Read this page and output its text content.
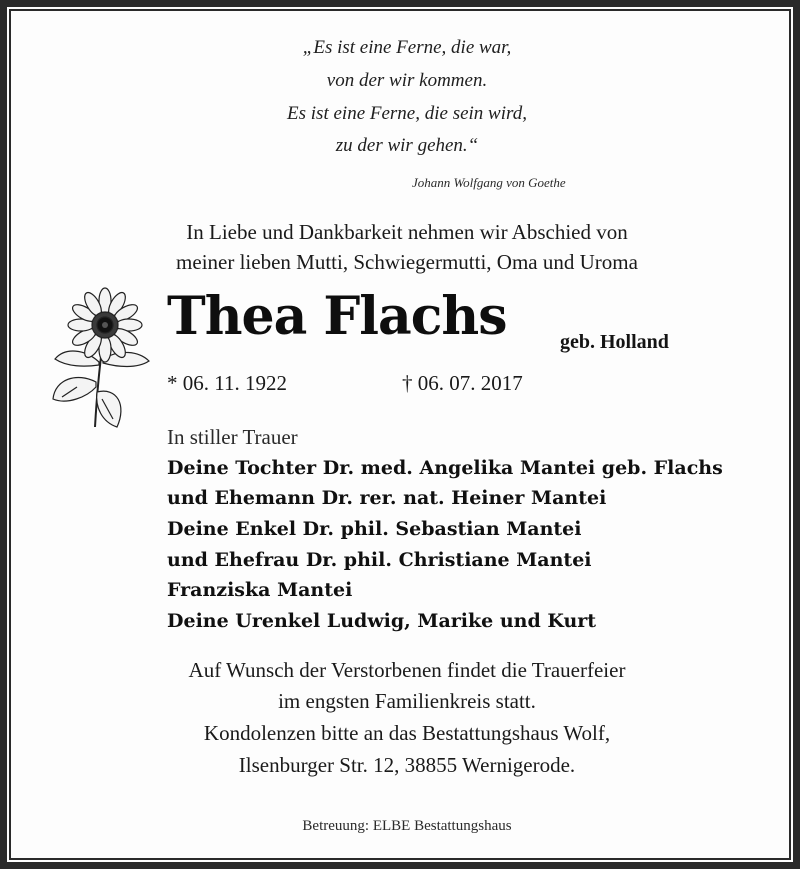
„Es ist eine Ferne, die war,
von der wir kommen.
Es ist eine Ferne, die sein wird,
zu der wir gehen.“
Johann Wolfgang von Goethe
In Liebe und Dankbarkeit nehmen wir Abschied von
meiner lieben Mutti, Schwiegermutti, Oma und Uroma
Thea Flachs	geb. Holland
* 06. 11. 1922	† 06. 07. 2017
In stiller Trauer
Deine Tochter Dr. med. Angelika Mantei geb. Flachs
und Ehemann Dr. rer. nat. Heiner Mantei
Deine Enkel Dr. phil. Sebastian Mantei
und Ehefrau Dr. phil. Christiane Mantei
Franziska Mantei
Deine Urenkel Ludwig, Marike und Kurt
Auf Wunsch der Verstorbenen findet die Trauerfeier
im engsten Familienkreis statt.
Kondolenzen bitte an das Bestattungshaus Wolf,
Ilsenburger Str. 12, 38855 Wernigerode.
Betreuung: ELBE Bestattungshaus
